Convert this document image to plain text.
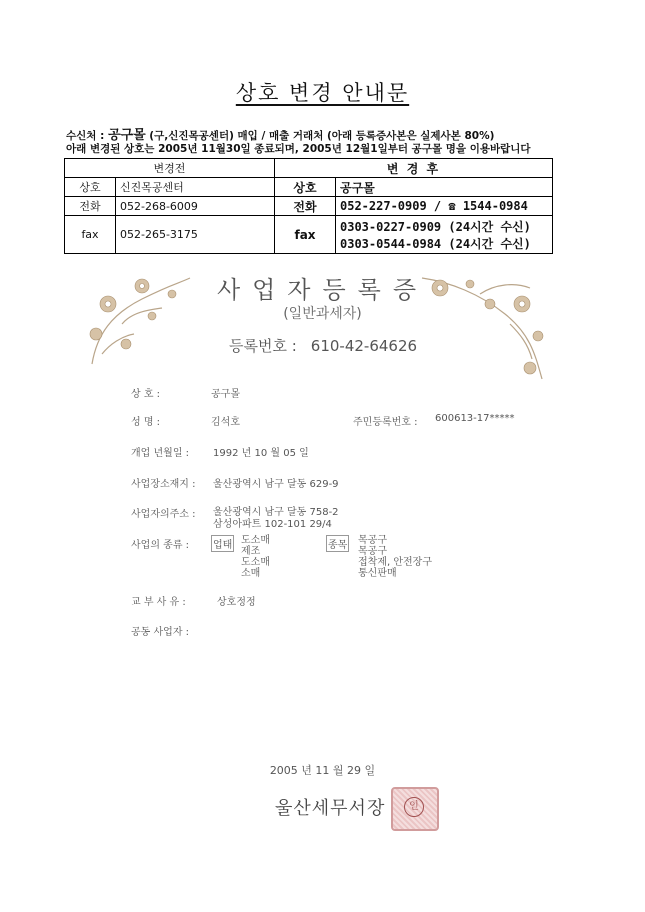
상호 변경 안내문
수신처 : 공구몰 (구,신진목공센터) 매입 / 매출 거래처 (아래 등록증사본은 실제사본 80%)
아래 변경된 상호는 2005년 11월30일 종료되며, 2005년 12월1일부터 공구몰 명을 이용바랍니다
변경전		변 경 후	
상호	신진목공센터	상호	공구몰
전화	052-268-6009	전화	052-227-0909 / ☎ 1544-0984
fax	052-265-3175	fax	0303-0227-0909 (24시간 수신)
0303-0544-0984 (24시간 수신)
사업자등록증
(일반과세자)
등록번호 : 610-42-64626
상 호 :	공구몰
성 명 :	김석호	주민등록번호 : 600613-17*****
개업 년월일 : 1992 년 10 월 05 일
사업장소재지 : 울산광역시 남구 달동 629-9
사업자의주소 : 울산광역시 남구 달동 758-2
삼성아파트 102-101 29/4
사업의 종류 : 업태 도소매
제조
도소매
소매
종목 목공구
목공구
접착제, 안전장구
통신판매
교 부 사 유 :	상호정정
공동 사업자 :
2005 년 11 월 29 일
울산세무서장	인
